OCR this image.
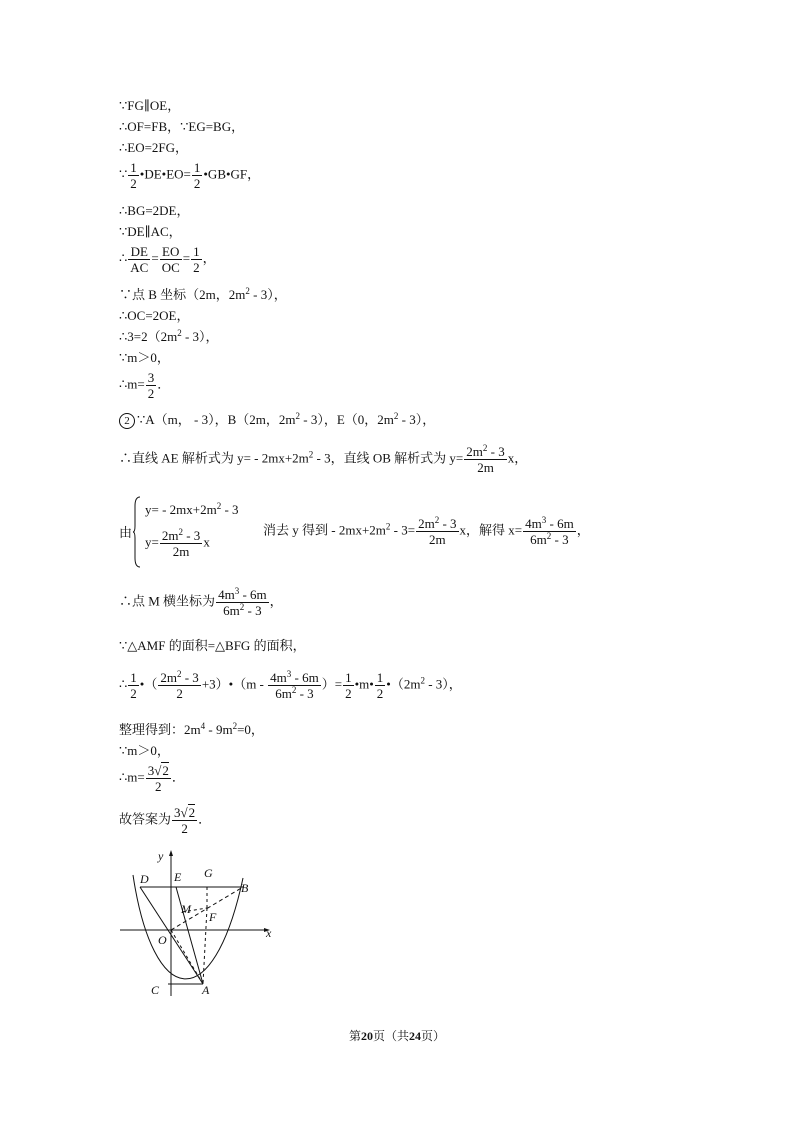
∵FG∥OE，
∴OF=FB，∵EG=BG，
∴EO=2FG，
∵ $\frac{1}{2}$ •DE•EO= $\frac{1}{2}$ •GB•GF，
∴BG=2DE，
∵DE∥AC，
∴ $\frac{DE}{AC} = \frac{EO}{OC} = \frac{1}{2}$ ，
∵点 B 坐标（2m，$2m^2 - 3$），
∴OC=2OE，
$\therefore 3=2(2m^2 - 3)$，
∵m＞0，
∴m= $\frac{3}{2}$ ．
2 ∵A（m， - 3），B（2m，$2m^2 - 3$），E（0，$2m^2 - 3$），
∴直线 AE 解析式为 $y= - 2mx+2m^2 - 3$，直线 OB 解析式为 $y= \frac{2m^2 - 3}{2m}$ x，
由
$y= - 2mx+2m^2 - 3$
$y= \frac{2m^2 - 3}{2m}$ x
消去 y 得到 - $2mx+2m^2 - 3= \frac{2m^2 - 3}{2m}$ x，解得 $x= \frac{4m^3 - 6m}{6m^2 - 3}$ ，
∴点 M 横坐标为 $\frac{4m^3 - 6m}{6m^2 - 3}$ ，
∵△AMF 的面积=△BFG 的面积，
∴ $\frac{1}{2}$ •（ $\frac{2m^2 - 3}{2}$ +3）•（m - $\frac{4m^3 - 6m}{6m^2 - 3}$ ）= $\frac{1}{2}$ •m• $\frac{1}{2}$ $•(2m^2 - 3)$，
整理得到：$2m^4 - 9m^2=0$，
∵m＞0，
∴m= $\frac{3√2}{2}$ ．
故答案为 $\frac{3√2}{2}$ ．
y
x
D E G
B
M
F
O
C	A
第20页（共24页）
